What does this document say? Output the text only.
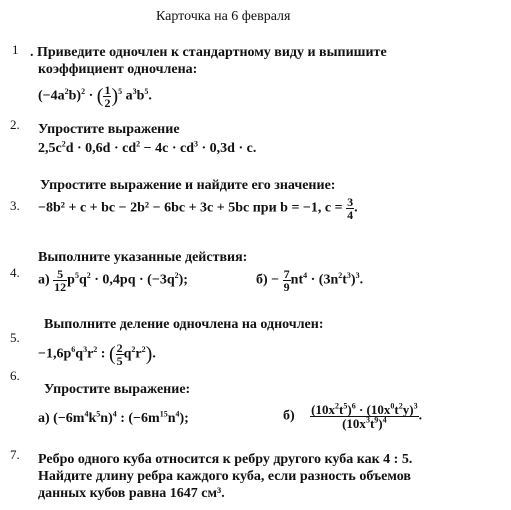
Карточка на 6 февраля
1 . Приведите одночлен к стандартному виду и выпишите
коэффициент одночлена:
$(-4a^2b)^2$ · ( $\frac{1}{2} )^5$ $a^3b^5$.
2. Упростите выражение
$2,5c^2d \cdot 0,6d \cdot cd^2 - 4c \cdot cd^3 \cdot 0,3d \cdot c$.
Упростите выражение и найдите его значение:
3. −8b² + c + bc − 2b² − 6bc + 3c + 5bc при b = −1, $c = \frac{3}{4}$ .
Выполните указанные действия:
4.
$а) \frac{5}{12} p^5q^2 \cdot 0,4pq \cdot (-3q^2)$;	$б) - \frac{7}{9} nt^4 \cdot (3n^2t^3)^3$.
Выполните деление одночлена на одночлен:
5.
$-1,6p^6q^3r^2$ : ( $\frac{2}{5} q^2r^2$).
6.
Упростите выражение:
а) $(-6m^4k^5n)^4$ : $(-6m^{15}n^4)$;	$б) \frac{(10x^2t^5)^6 \cdot (10x^0t^2y)^3}{(10x^3t^9)^4}$ .
7. Ребро одного куба относится к ребру другого куба как 4 : 5.
Найдите длину ребра каждого куба, если разность объемов
данных кубов равна 1647 см³.
